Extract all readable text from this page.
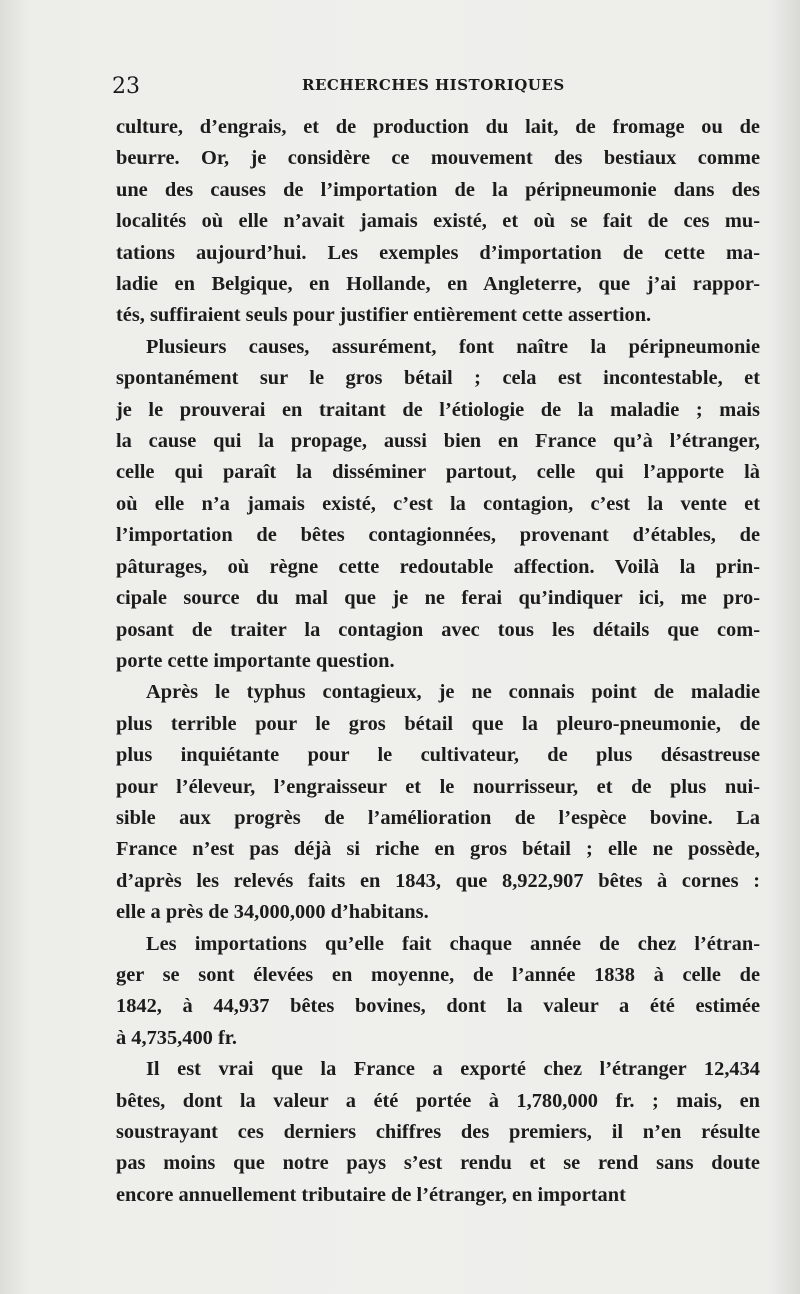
23	RECHERCHES HISTORIQUES
culture, d’engrais, et de production du lait, de fromage ou de
beurre. Or, je considère ce mouvement des bestiaux comme
une des causes de l’importation de la péripneumonie dans des
localités où elle n’avait jamais existé, et où se fait de ces mu-
tations aujourd’hui. Les exemples d’importation de cette ma-
ladie en Belgique, en Hollande, en Angleterre, que j’ai rappor-
tés, suffiraient seuls pour justifier entièrement cette assertion.
Plusieurs causes, assurément, font naître la péripneumonie
spontanément sur le gros bétail ; cela est incontestable, et
je le prouverai en traitant de l’étiologie de la maladie ; mais
la cause qui la propage, aussi bien en France qu’à l’étranger,
celle qui paraît la disséminer partout, celle qui l’apporte là
où elle n’a jamais existé, c’est la contagion, c’est la vente et
l’importation de bêtes contagionnées, provenant d’étables, de
pâturages, où règne cette redoutable affection. Voilà la prin-
cipale source du mal que je ne ferai qu’indiquer ici, me pro-
posant de traiter la contagion avec tous les détails que com-
porte cette importante question.
Après le typhus contagieux, je ne connais point de maladie
plus terrible pour le gros bétail que la pleuro-pneumonie, de
plus inquiétante pour le cultivateur, de plus désastreuse
pour l’éleveur, l’engraisseur et le nourrisseur, et de plus nui-
sible aux progrès de l’amélioration de l’espèce bovine. La
France n’est pas déjà si riche en gros bétail ; elle ne possède,
d’après les relevés faits en 1843, que 8,922,907 bêtes à cornes :
elle a près de 34,000,000 d’habitans.
Les importations qu’elle fait chaque année de chez l’étran-
ger se sont élevées en moyenne, de l’année 1838 à celle de
1842, à 44,937 bêtes bovines, dont la valeur a été estimée
à 4,735,400 fr.
Il est vrai que la France a exporté chez l’étranger 12,434
bêtes, dont la valeur a été portée à 1,780,000 fr. ; mais, en
soustrayant ces derniers chiffres des premiers, il n’en résulte
pas moins que notre pays s’est rendu et se rend sans doute
encore annuellement tributaire de l’étranger, en important
